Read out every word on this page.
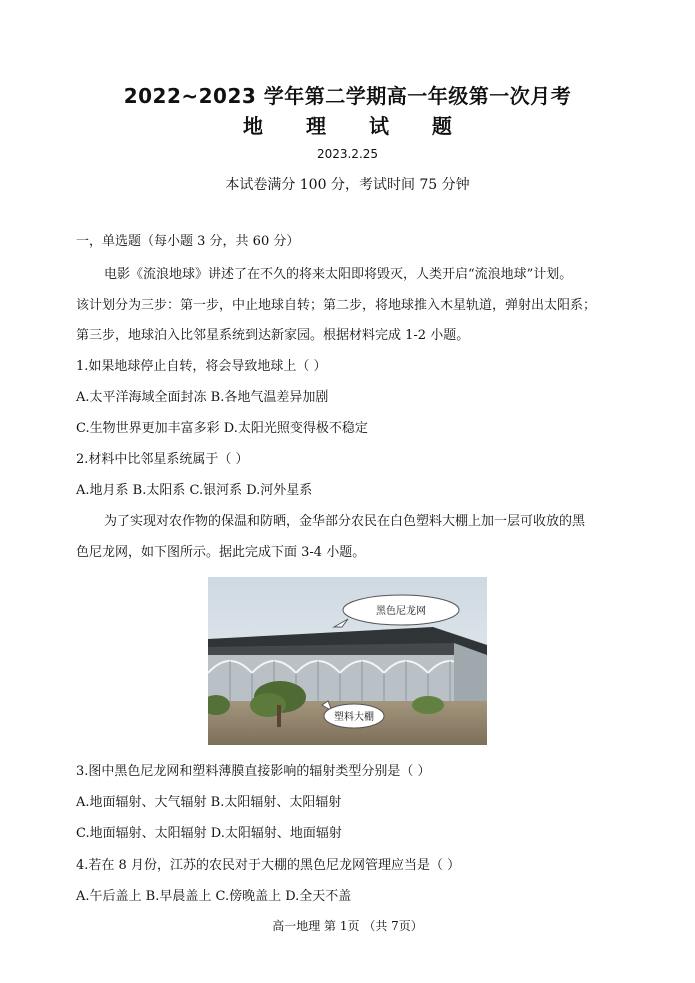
2022~2023 学年第二学期高一年级第一次月考
地 理 试 题
2023.2.25
本试卷满分 100 分，考试时间 75 分钟
一，单选题（每小题 3 分，共 60 分）
电影《流浪地球》讲述了在不久的将来太阳即将毁灭，人类开启“流浪地球”计划。
该计划分为三步：第一步，中止地球自转；第二步，将地球推入木星轨道，弹射出太阳系；
第三步，地球泊入比邻星系统到达新家园。根据材料完成 1-2 小题。
1.如果地球停止自转，将会导致地球上（ ）
A.太平洋海域全面封冻 B.各地气温差异加剧
C.生物世界更加丰富多彩 D.太阳光照变得极不稳定
2.材料中比邻星系统属于（ ）
A.地月系 B.太阳系 C.银河系 D.河外星系
为了实现对农作物的保温和防晒，金华部分农民在白色塑料大棚上加一层可收放的黑
色尼龙网，如下图所示。据此完成下面 3-4 小题。
黑色尼龙网
塑料大棚
3.图中黑色尼龙网和塑料薄膜直接影响的辐射类型分别是（ ）
A.地面辐射、大气辐射 B.太阳辐射、太阳辐射
C.地面辐射、太阳辐射 D.太阳辐射、地面辐射
4.若在 8 月份，江苏的农民对于大棚的黑色尼龙网管理应当是（ ）
A.午后盖上 B.早晨盖上 C.傍晚盖上 D.全天不盖
高一地理 第 1页 （共 7页）
